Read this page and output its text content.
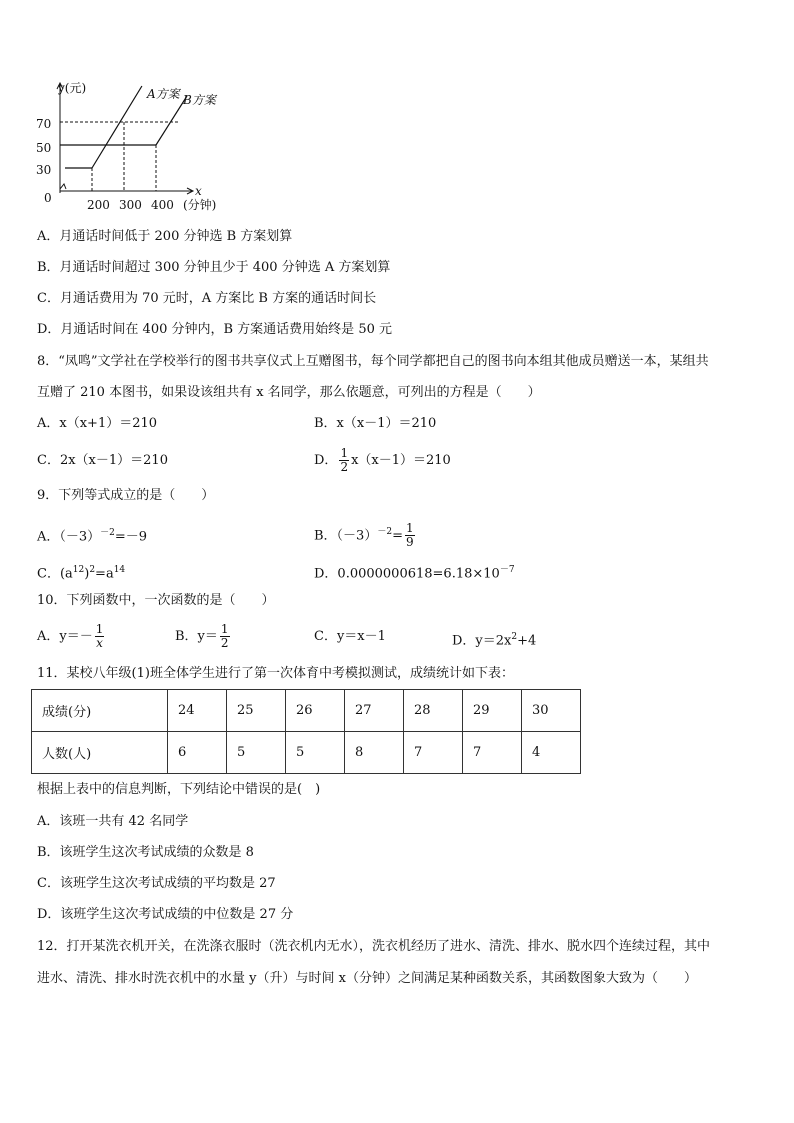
y(元)
x
(分钟)
0
70
50
30
200 300 400
A方案 B方案
A．月通话时间低于 200 分钟选 B 方案划算
B．月通话时间超过 300 分钟且少于 400 分钟选 A 方案划算
C．月通话费用为 70 元时，A 方案比 B 方案的通话时间长
D．月通话时间在 400 分钟内，B 方案通话费用始终是 50 元
8．“凤鸣”文学社在学校举行的图书共享仪式上互赠图书，每个同学都把自己的图书向本组其他成员赠送一本，某组共
互赠了 210 本图书，如果设该组共有 x 名同学，那么依题意，可列出的方程是（　　）
A．x（x+1）＝210	B．x（x－1）＝210
C．2x（x－1）＝210	D． $\frac{1}{2} x(x-1)=210$
9．下列等式成立的是（　　）
A．$(-3)^{-2}=-9$	B．$(-3)^{-2}= \frac{1}{9}$
C．$(a^{12})^2=a^{14}$	D．$0.0000000618=6.18\times 10^{-7}$
10．下列函数中，一次函数的是（　　）
A．$y=- \frac{1}{x}$	B．$y= \frac{1}{2}$	C．y＝x－1	D．$y=2x^2+4$
11．某校八年级(1)班全体学生进行了第一次体育中考模拟测试，成绩统计如下表：
成绩(分)	24	25	26	27	28	29	30
人数(人)	6	5	5	8	7	7	4
根据上表中的信息判断，下列结论中错误的是(　)
A．该班一共有 42 名同学
B．该班学生这次考试成绩的众数是 8
C．该班学生这次考试成绩的平均数是 27
D．该班学生这次考试成绩的中位数是 27 分
12．打开某洗衣机开关，在洗涤衣服时（洗衣机内无水），洗衣机经历了进水、清洗、排水、脱水四个连续过程，其中
进水、清洗、排水时洗衣机中的水量 y（升）与时间 x（分钟）之间满足某种函数关系，其函数图象大致为（　　）
